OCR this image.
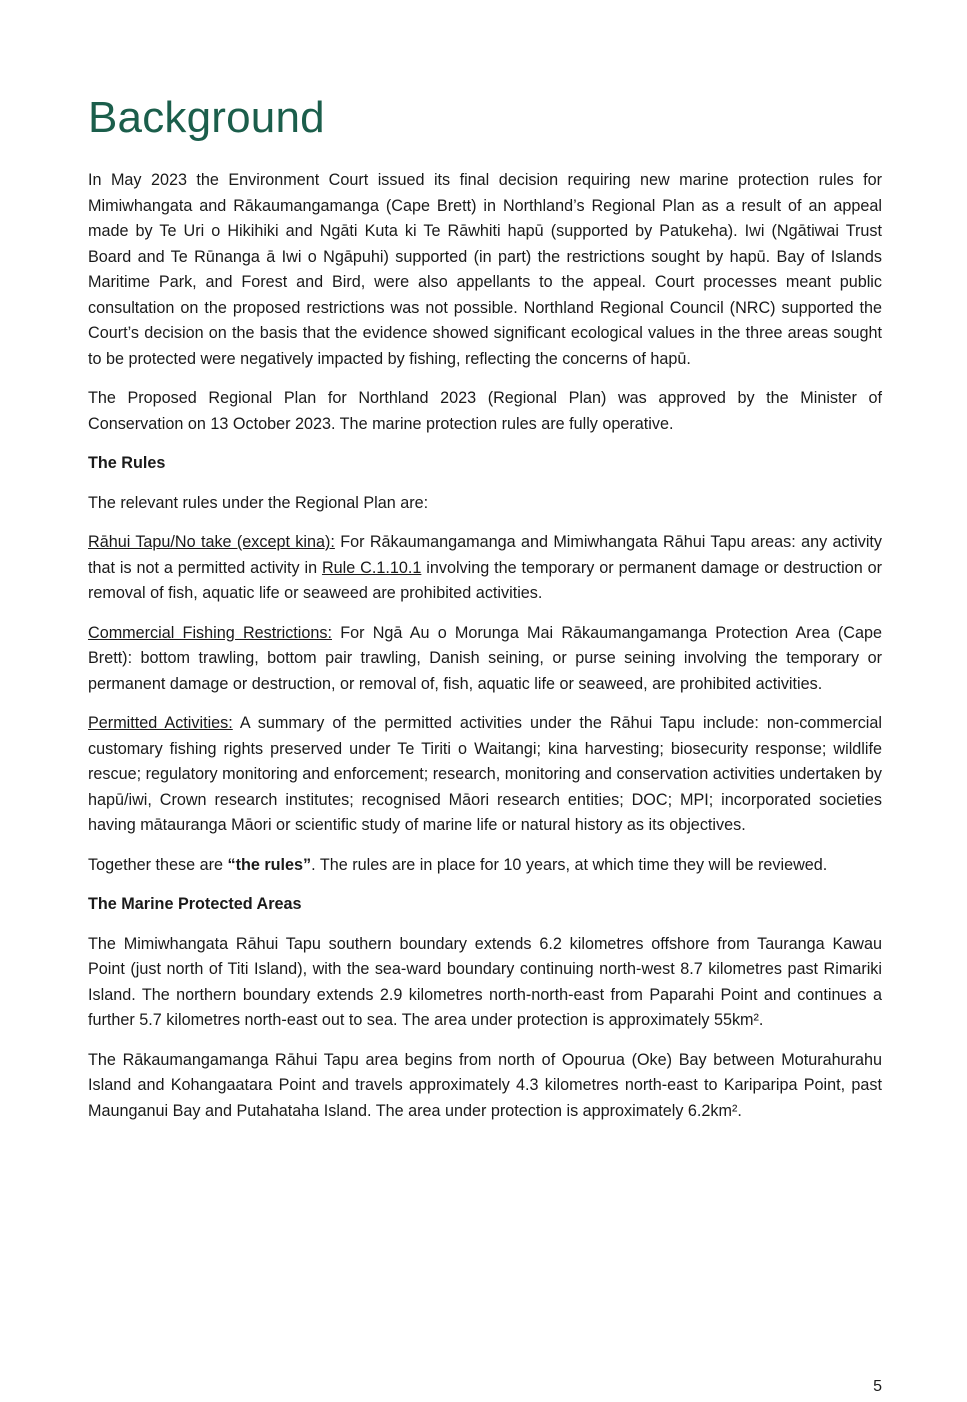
Background

In May 2023 the Environment Court issued its final decision requiring new marine protection rules for Mimiwhangata and Rākaumangamanga (Cape Brett) in Northland’s Regional Plan as a result of an appeal made by Te Uri o Hikihiki and Ngāti Kuta ki Te Rāwhiti hapū (supported by Patukeha). Iwi (Ngātiwai Trust Board and Te Rūnanga ā Iwi o Ngāpuhi) supported (in part) the restrictions sought by hapū. Bay of Islands Maritime Park, and Forest and Bird, were also appellants to the appeal. Court processes meant public consultation on the proposed restrictions was not possible. Northland Regional Council (NRC) supported the Court’s decision on the basis that the evidence showed significant ecological values in the three areas sought to be protected were negatively impacted by fishing, reflecting the concerns of hapū.

The Proposed Regional Plan for Northland 2023 (Regional Plan) was approved by the Minister of Conservation on 13 October 2023. The marine protection rules are fully operative.

The Rules

The relevant rules under the Regional Plan are:

Rāhui Tapu/No take (except kina): For Rākaumangamanga and Mimiwhangata Rāhui Tapu areas: any activity that is not a permitted activity in Rule C.1.10.1 involving the temporary or permanent damage or destruction or removal of fish, aquatic life or seaweed are prohibited activities.

Commercial Fishing Restrictions: For Ngā Au o Morunga Mai Rākaumangamanga Protection Area (Cape Brett): bottom trawling, bottom pair trawling, Danish seining, or purse seining involving the temporary or permanent damage or destruction, or removal of, fish, aquatic life or seaweed, are prohibited activities.

Permitted Activities: A summary of the permitted activities under the Rāhui Tapu include: non-commercial customary fishing rights preserved under Te Tiriti o Waitangi; kina harvesting; biosecurity response; wildlife rescue; regulatory monitoring and enforcement; research, monitoring and conservation activities undertaken by hapū/iwi, Crown research institutes; recognised Māori research entities; DOC; MPI; incorporated societies having mātauranga Māori or scientific study of marine life or natural history as its objectives.

Together these are “the rules”. The rules are in place for 10 years, at which time they will be reviewed.

The Marine Protected Areas

The Mimiwhangata Rāhui Tapu southern boundary extends 6.2 kilometres offshore from Tauranga Kawau Point (just north of Titi Island), with the sea-ward boundary continuing north-west 8.7 kilometres past Rimariki Island. The northern boundary extends 2.9 kilometres north-north-east from Paparahi Point and continues a further 5.7 kilometres north-east out to sea. The area under protection is approximately 55km².

The Rākaumangamanga Rāhui Tapu area begins from north of Opourua (Oke) Bay between Moturahurahu Island and Kohangaatara Point and travels approximately 4.3 kilometres north-east to Karipari​pa Point, past Maunganui Bay and Putahataha Island. The area under protection is approximately 6.2km².

5
